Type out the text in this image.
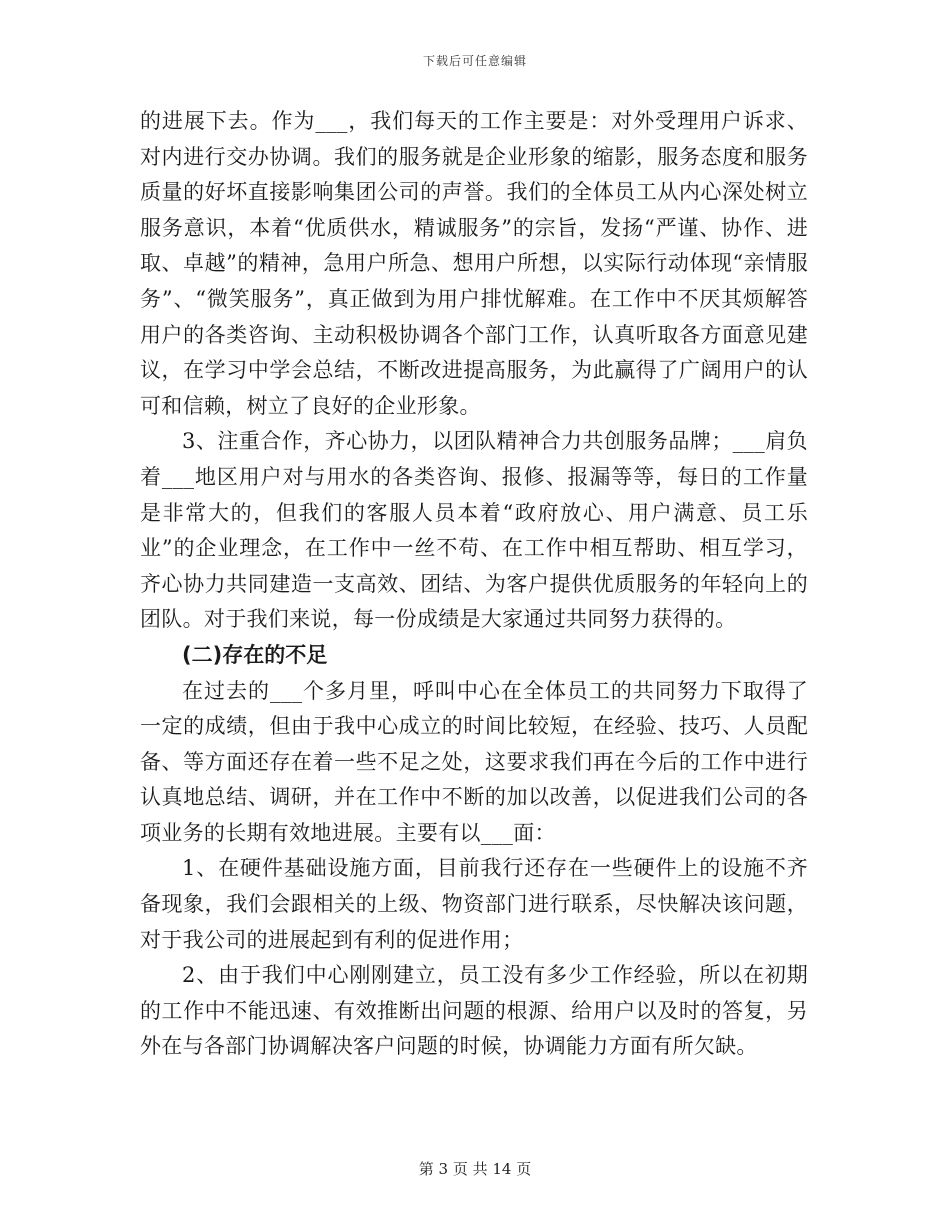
下载后可任意编辑

的进展下去。作为___，我们每天的工作主要是：对外受理用户诉求、对内进行交办协调。我们的服务就是企业形象的缩影，服务态度和服务质量的好坏直接影响集团公司的声誉。我们的全体员工从内心深处树立服务意识，本着“优质供水，精诚服务”的宗旨，发扬“严谨、协作、进取、卓越”的精神，急用户所急、想用户所想，以实际行动体现“亲情服务”、“微笑服务”，真正做到为用户排忧解难。在工作中不厌其烦解答用户的各类咨询、主动积极协调各个部门工作，认真听取各方面意见建议，在学习中学会总结，不断改进提高服务，为此赢得了广阔用户的认可和信赖，树立了良好的企业形象。

3、注重合作，齐心协力，以团队精神合力共创服务品牌；___肩负着___地区用户对与用水的各类咨询、报修、报漏等等，每日的工作量是非常大的，但我们的客服人员本着“政府放心、用户满意、员工乐业”的企业理念，在工作中一丝不苟、在工作中相互帮助、相互学习，齐心协力共同建造一支高效、团结、为客户提供优质服务的年轻向上的团队。对于我们来说，每一份成绩是大家通过共同努力获得的。

(二)存在的不足

在过去的___个多月里，呼叫中心在全体员工的共同努力下取得了一定的成绩，但由于我中心成立的时间比较短，在经验、技巧、人员配备、等方面还存在着一些不足之处，这要求我们再在今后的工作中进行认真地总结、调研，并在工作中不断的加以改善，以促进我们公司的各项业务的长期有效地进展。主要有以___面：

1、在硬件基础设施方面，目前我行还存在一些硬件上的设施不齐备现象，我们会跟相关的上级、物资部门进行联系，尽快解决该问题，对于我公司的进展起到有利的促进作用；

2、由于我们中心刚刚建立，员工没有多少工作经验，所以在初期的工作中不能迅速、有效推断出问题的根源、给用户以及时的答复，另外在与各部门协调解决客户问题的时候，协调能力方面有所欠缺。

第 3 页 共 14 页
